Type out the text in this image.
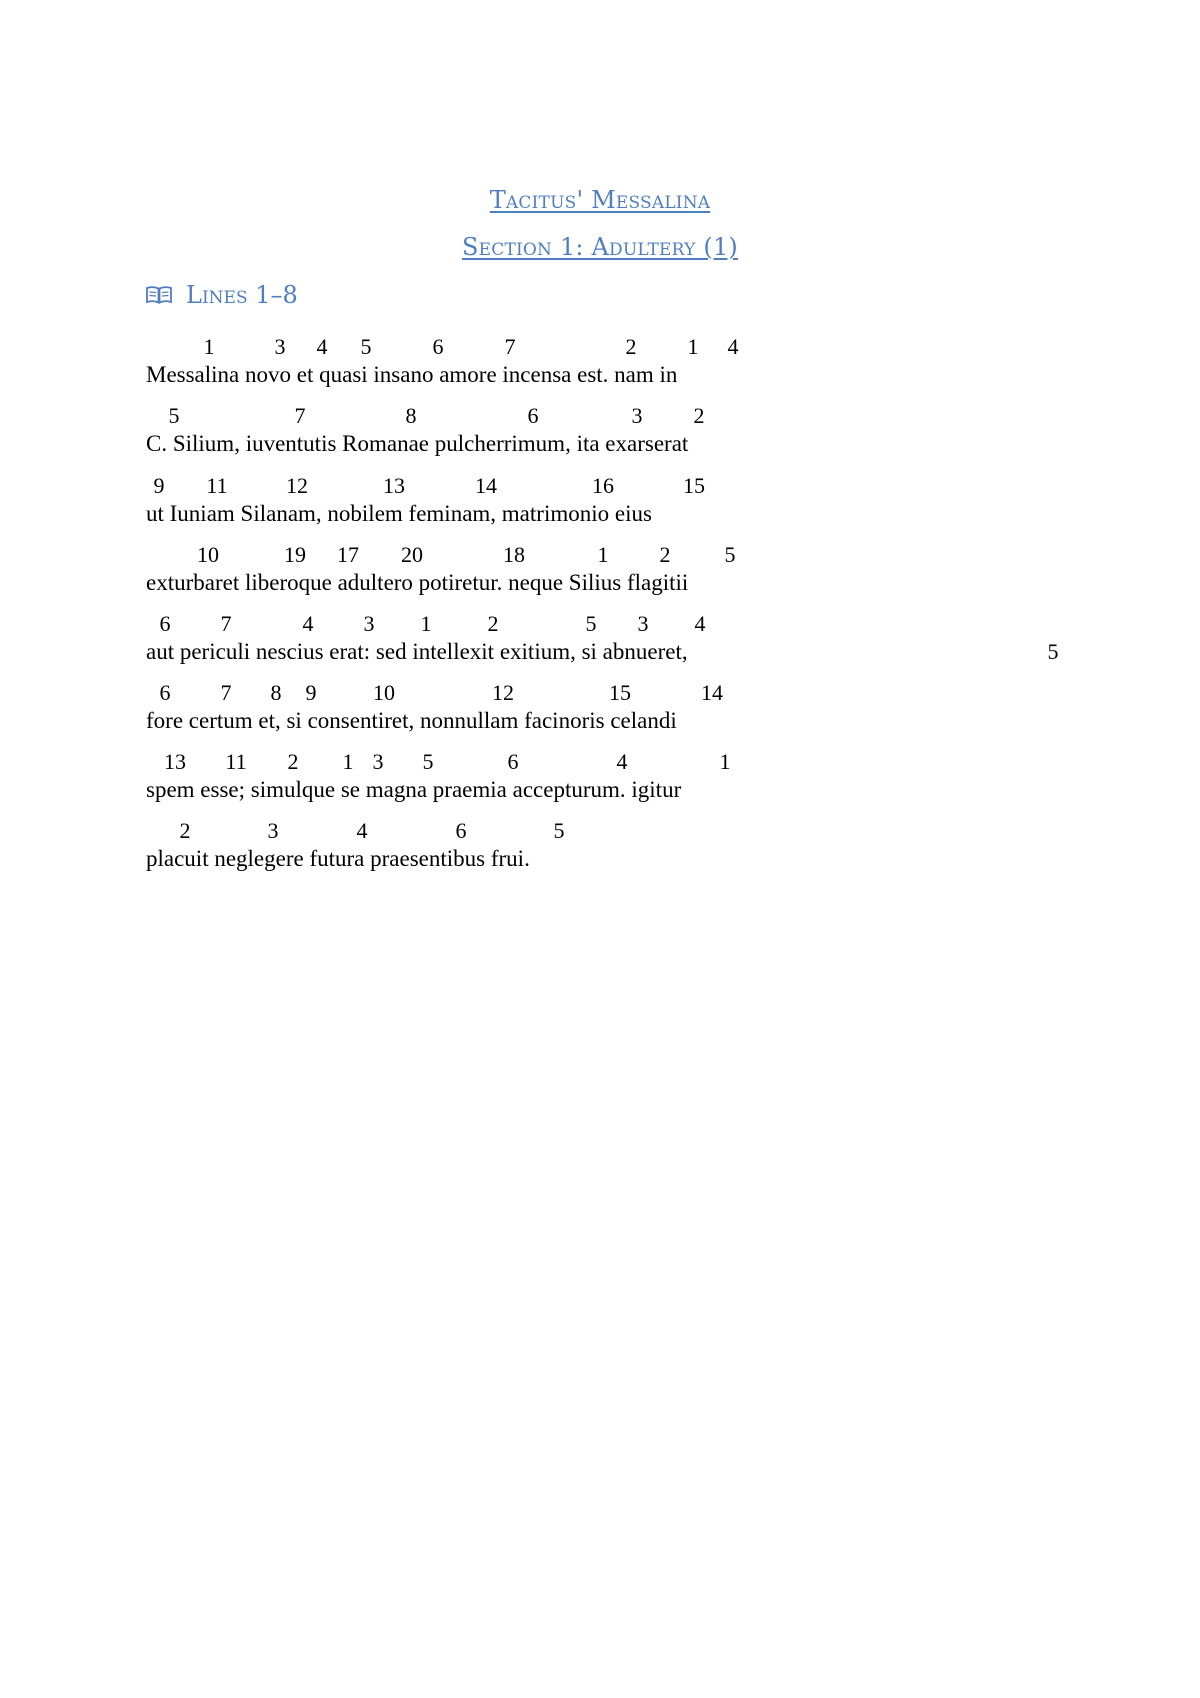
Tacitus' Messalina
Section 1: Adultery (1)
Lines 1–8
Messalina novo et quasi insano amore incensa est. nam in
1	3 4 5	6	7	2 1 4
C. Silium, iuventutis Romanae pulcherrimum, ita exarserat
5	7	8	6	3 2
ut Iuniam Silanam, nobilem feminam, matrimonio eius
9 11	12	13	14	16	15
exturbaret liberoque adultero potiretur. neque Silius flagitii
10	19 17 20	18	1 2 5
aut periculi nescius erat: sed intellexit exitium, si abnueret,	5
6 7	4 3 1	2	5 3 4
fore certum et, si consentiret, nonnullam facinoris celandi
6 7 8 9	10	12	15	14
spem esse; simulque se magna praemia accepturum. igitur
13 11 2 1 3 5	6	4	1
placuit neglegere futura praesentibus frui.
2	3	4	6	5
